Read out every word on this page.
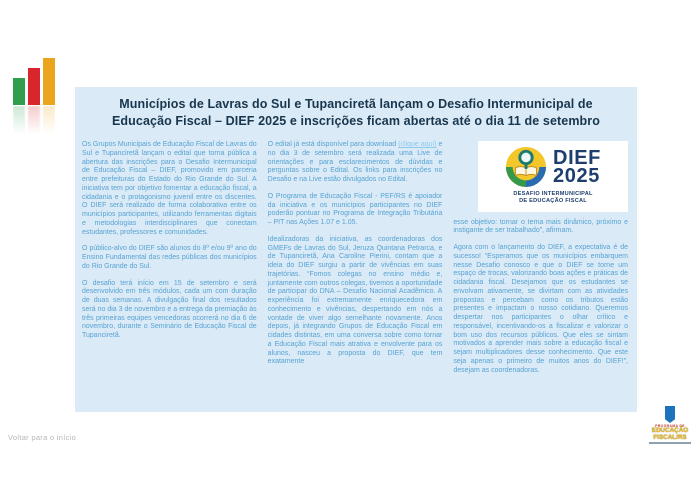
Municípios de Lavras do Sul e Tupanciretã lançam o Desafio Intermunicipal de
Educação Fiscal – DIEF 2025 e inscrições ficam abertas até o dia 11 de setembro

Os Grupos Municipais de Educação Fiscal de Lavras do Sul e Tupanciretã lançam o edital que torna pública a abertura das inscrições para o Desafio Intermunicipal de Educação Fiscal – DIEF, promovido em parceria entre prefeituras do Estado do Rio Grande do Sul. A iniciativa tem por objetivo fomentar a educação fiscal, a cidadania e o protagonismo juvenil entre os discentes. O DIEF será realizado de forma colaborativa entre os municípios participantes, utilizando ferramentas digitais e metodologias interdisciplinares que conectam estudantes, professores e comunidades.

O público-alvo do DIEF são alunos do 8º e/ou 9º ano do Ensino Fundamental das redes públicas dos municípios do Rio Grande do Sul.

O desafio terá início em 15 de setembro e será desenvolvido em três módulos, cada um com duração de duas semanas. A divulgação final dos resultados será no dia 3 de novembro e a entrega da premiação às três primeiras equipes vencedoras ocorrerá no dia 6 de novembro, durante o Seminário de Educação Fiscal de Tupanciretã.

O edital já está disponível para download (clique aqui) e no dia 3 de setembro será realizada uma Live de orientações e para esclarecimentos de dúvidas e perguntas sobre o Edital. Os links para inscrições no Desafio e na Live estão divulgados no Edital.

O Programa de Educação Fiscal - PEF/RS é apoiador da iniciativa e os municípios participantes no DIEF poderão pontuar no Programa de Integração Tributária – PIT nas Ações 1.07 e 1.05.

Idealizadoras da iniciativa, as coordenadoras dos GMEFs de Lavras do Sul, Jeruza Quintana Petrarca, e de Tupanciretã, Ana Caroline Pierini, contam que a ideia do DIEF surgiu a partir de vivências em suas trajetórias. “Fomos colegas no ensino médio e, juntamente com outros colegas, tivemos a oportunidade de participar do DNA – Desafio Nacional Acadêmico. A experiência foi extremamente enriquecedora em conhecimento e vivências, despertando em nós a vontade de viver algo semelhante novamente. Anos depois, já integrando Grupos de Educação Fiscal em cidades distintas, em uma conversa sobre como tornar a Educação Fiscal mais atrativa e envolvente para os alunos, nasceu a proposta do DIEF, que tem exatamente

DIEF
2025
DESAFIO INTERMUNICIPAL
DE EDUCAÇÃO FISCAL

esse objetivo: tornar o tema mais dinâmico, próximo e instigante de ser trabalhado”, afirmam.

Agora com o lançamento do DIEF, a expectativa é de sucesso! “Esperamos que os municípios embarquem nesse Desafio conosco e que o DIEF se torne um espaço de trocas, valorizando boas ações e práticas de cidadania fiscal. Desejamos que os estudantes se envolvam ativamente, se divirtam com as atividades propostas e percebam como os tributos estão presentes e impactam o nosso cotidiano. Queremos despertar nos participantes o olhar crítico e responsável, incentivando-os a fiscalizar e valorizar o bom uso dos recursos públicos. Que eles se sintam motivados a aprender mais sobre a educação fiscal e sejam multiplicadores desse conhecimento. Que este seja apenas o primeiro de muitos anos do DIEF!”, desejam as coordenadoras.

Voltar para o início
PROGRAMA DE
EDUCAÇÃO
FISCAL/RS
